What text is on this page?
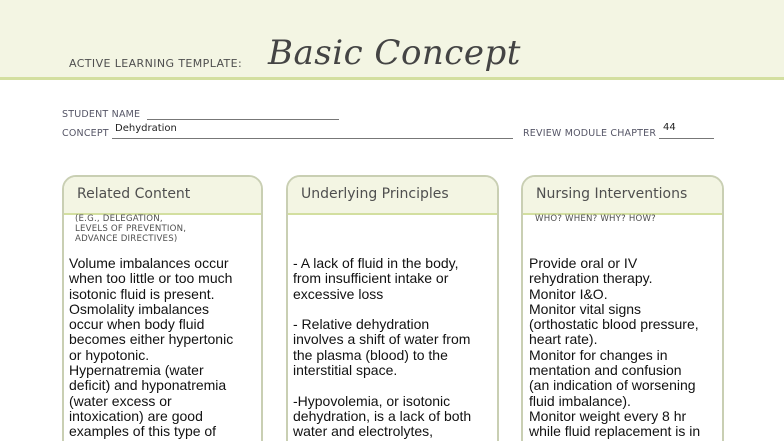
ACTIVE LEARNING TEMPLATE: Basic Concept
STUDENT NAME
CONCEPT Dehydration	REVIEW MODULE CHAPTER
44
Related Content	Underlying Principles	Nursing Interventions
(E.G., DELEGATION,
LEVELS OF PREVENTION,
ADVANCE DIRECTIVES)
WHO? WHEN? WHY? HOW?
Volume imbalances occur
when too little or too much
isotonic fluid is present.
Osmolality imbalances
occur when body fluid
becomes either hypertonic
or hypotonic.
Hypernatremia (water
deficit) and hyponatremia
(water excess or
intoxication) are good
examples of this type of
- A lack of fluid in the body,
from insufficient intake or
excessive loss

- Relative dehydration
involves a shift of water from
the plasma (blood) to the
interstitial space.

-Hypovolemia, or isotonic
dehydration, is a lack of both
water and electrolytes,
Provide oral or IV
rehydration therapy.
Monitor I&O.
Monitor vital signs
(orthostatic blood pressure,
heart rate).
Monitor for changes in
mentation and confusion
(an indication of worsening
fluid imbalance).
Monitor weight every 8 hr
while fluid replacement is in
